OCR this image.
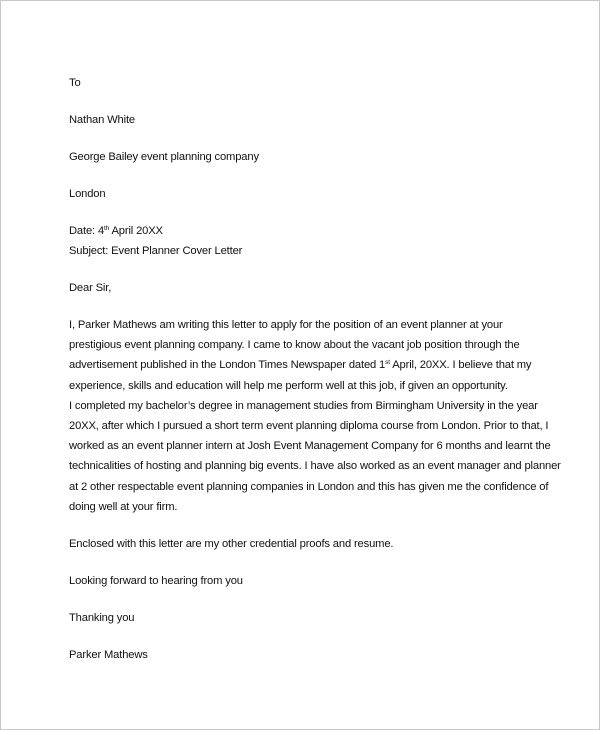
To

Nathan White

George Bailey event planning company

London

Date: 4th April 20XX

Subject: Event Planner Cover Letter

Dear Sir,

I, Parker Mathews am writing this letter to apply for the position of an event planner at your

prestigious event planning company. I came to know about the vacant job position through the

advertisement published in the London Times Newspaper dated 1st April, 20XX. I believe that my

experience, skills and education will help me perform well at this job, if given an opportunity.

I completed my bachelor’s degree in management studies from Birmingham University in the year

20XX, after which I pursued a short term event planning diploma course from London. Prior to that, I

worked as an event planner intern at Josh Event Management Company for 6 months and learnt the

technicalities of hosting and planning big events. I have also worked as an event manager and planner

at 2 other respectable event planning companies in London and this has given me the confidence of

doing well at your firm.

Enclosed with this letter are my other credential proofs and resume.

Looking forward to hearing from you

Thanking you

Parker Mathews
